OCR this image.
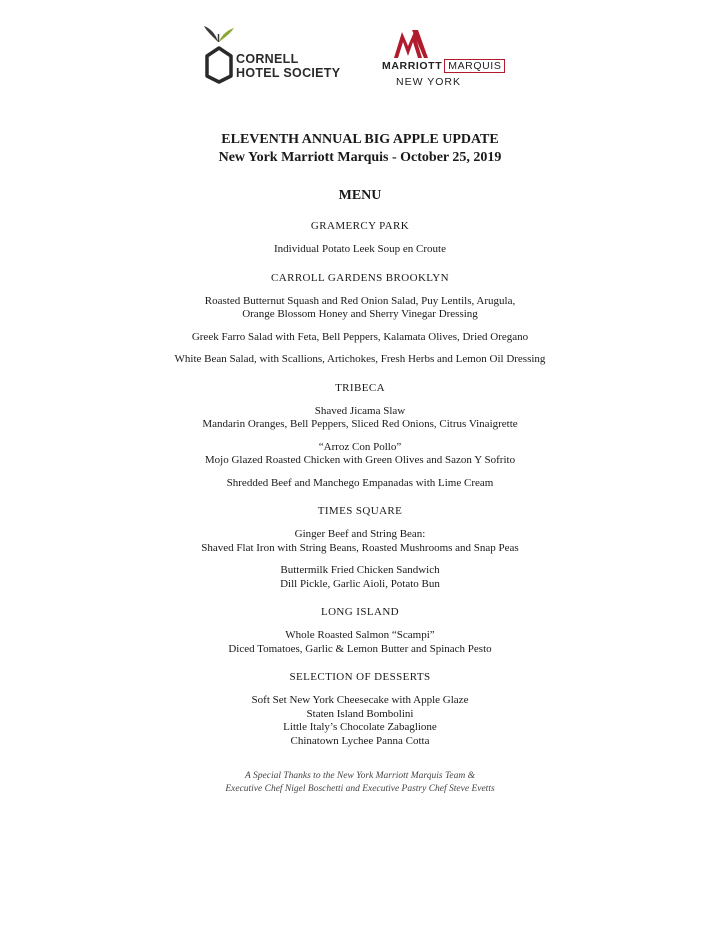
CORNELL
HOTEL SOCIETY	MARRIOTT MARQUIS
NEW YORK
ELEVENTH ANNUAL BIG APPLE UPDATE
New York Marriott Marquis - October 25, 2019
MENU
GRAMERCY PARK
Individual Potato Leek Soup en Croute
CARROLL GARDENS BROOKLYN
Roasted Butternut Squash and Red Onion Salad, Puy Lentils, Arugula,
Orange Blossom Honey and Sherry Vinegar Dressing
Greek Farro Salad with Feta, Bell Peppers, Kalamata Olives, Dried Oregano
White Bean Salad, with Scallions, Artichokes, Fresh Herbs and Lemon Oil Dressing
TRIBECA
Shaved Jicama Slaw
Mandarin Oranges, Bell Peppers, Sliced Red Onions, Citrus Vinaigrette
“Arroz Con Pollo”
Mojo Glazed Roasted Chicken with Green Olives and Sazon Y Sofrito
Shredded Beef and Manchego Empanadas with Lime Cream
TIMES SQUARE
Ginger Beef and String Bean:
Shaved Flat Iron with String Beans, Roasted Mushrooms and Snap Peas
Buttermilk Fried Chicken Sandwich
Dill Pickle, Garlic Aioli, Potato Bun
LONG ISLAND
Whole Roasted Salmon “Scampi”
Diced Tomatoes, Garlic & Lemon Butter and Spinach Pesto
SELECTION OF DESSERTS
Soft Set New York Cheesecake with Apple Glaze
Staten Island Bombolini
Little Italy’s Chocolate Zabaglione
Chinatown Lychee Panna Cotta
A Special Thanks to the New York Marriott Marquis Team &
Executive Chef Nigel Boschetti and Executive Pastry Chef Steve Evetts
